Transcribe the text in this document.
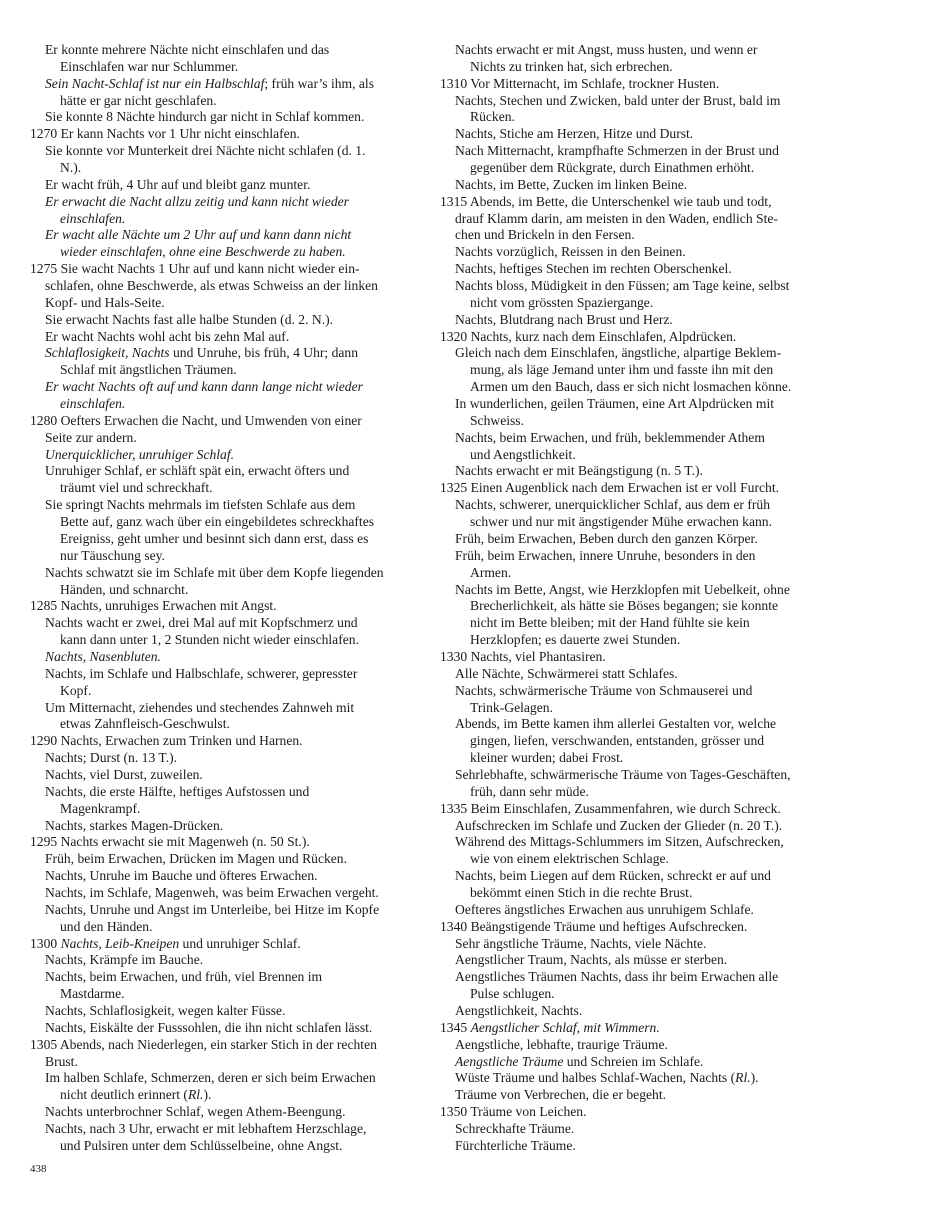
Er konnte mehrere Nächte nicht einschlafen und das
Einschlafen war nur Schlummer.
Sein Nacht-Schlaf ist nur ein Halbschlaf; früh war’s ihm, als
hätte er gar nicht geschlafen.
Sie konnte 8 Nächte hindurch gar nicht in Schlaf kommen.
1270 Er kann Nachts vor 1 Uhr nicht einschlafen.
Sie konnte vor Munterkeit drei Nächte nicht schlafen (d. 1.
N.).
Er wacht früh, 4 Uhr auf und bleibt ganz munter.
Er erwacht die Nacht allzu zeitig und kann nicht wieder
einschlafen.
Er wacht alle Nächte um 2 Uhr auf und kann dann nicht
wieder einschlafen, ohne eine Beschwerde zu haben.
1275 Sie wacht Nachts 1 Uhr auf und kann nicht wieder ein-
schlafen, ohne Beschwerde, als etwas Schweiss an der linken
Kopf- und Hals-Seite.
Sie erwacht Nachts fast alle halbe Stunden (d. 2. N.).
Er wacht Nachts wohl acht bis zehn Mal auf.
Schlaflosigkeit, Nachts und Unruhe, bis früh, 4 Uhr; dann
Schlaf mit ängstlichen Träumen.
Er wacht Nachts oft auf und kann dann lange nicht wieder
einschlafen.
1280 Oefters Erwachen die Nacht, und Umwenden von einer
Seite zur andern.
Unerquicklicher, unruhiger Schlaf.
Unruhiger Schlaf, er schläft spät ein, erwacht öfters und
träumt viel und schreckhaft.
Sie springt Nachts mehrmals im tiefsten Schlafe aus dem
Bette auf, ganz wach über ein eingebildetes schreckhaftes
Ereigniss, geht umher und besinnt sich dann erst, dass es
nur Täuschung sey.
Nachts schwatzt sie im Schlafe mit über dem Kopfe liegenden
Händen, und schnarcht.
1285 Nachts, unruhiges Erwachen mit Angst.
Nachts wacht er zwei, drei Mal auf mit Kopfschmerz und
kann dann unter 1, 2 Stunden nicht wieder einschlafen.
Nachts, Nasenbluten.
Nachts, im Schlafe und Halbschlafe, schwerer, gepresster
Kopf.
Um Mitternacht, ziehendes und stechendes Zahnweh mit
etwas Zahnfleisch-Geschwulst.
1290 Nachts, Erwachen zum Trinken und Harnen.
Nachts; Durst (n. 13 T.).
Nachts, viel Durst, zuweilen.
Nachts, die erste Hälfte, heftiges Aufstossen und
Magenkrampf.
Nachts, starkes Magen-Drücken.
1295 Nachts erwacht sie mit Magenweh (n. 50 St.).
Früh, beim Erwachen, Drücken im Magen und Rücken.
Nachts, Unruhe im Bauche und öfteres Erwachen.
Nachts, im Schlafe, Magenweh, was beim Erwachen vergeht.
Nachts, Unruhe und Angst im Unterleibe, bei Hitze im Kopfe
und den Händen.
1300 Nachts, Leib-Kneipen und unruhiger Schlaf.
Nachts, Krämpfe im Bauche.
Nachts, beim Erwachen, und früh, viel Brennen im
Mastdarme.
Nachts, Schlaflosigkeit, wegen kalter Füsse.
Nachts, Eiskälte der Fusssohlen, die ihn nicht schlafen lässt.
1305 Abends, nach Niederlegen, ein starker Stich in der rechten
Brust.
Im halben Schlafe, Schmerzen, deren er sich beim Erwachen
nicht deutlich erinnert (Rl.).
Nachts unterbrochner Schlaf, wegen Athem-Beengung.
Nachts, nach 3 Uhr, erwacht er mit lebhaftem Herzschlage,
und Pulsiren unter dem Schlüsselbeine, ohne Angst.
Nachts erwacht er mit Angst, muss husten, und wenn er
Nichts zu trinken hat, sich erbrechen.
1310 Vor Mitternacht, im Schlafe, trockner Husten.
Nachts, Stechen und Zwicken, bald unter der Brust, bald im
Rücken.
Nachts, Stiche am Herzen, Hitze und Durst.
Nach Mitternacht, krampfhafte Schmerzen in der Brust und
gegenüber dem Rückgrate, durch Einathmen erhöht.
Nachts, im Bette, Zucken im linken Beine.
1315 Abends, im Bette, die Unterschenkel wie taub und todt,
drauf Klamm darin, am meisten in den Waden, endlich Ste-
chen und Brickeln in den Fersen.
Nachts vorzüglich, Reissen in den Beinen.
Nachts, heftiges Stechen im rechten Oberschenkel.
Nachts bloss, Müdigkeit in den Füssen; am Tage keine, selbst
nicht vom grössten Spaziergange.
Nachts, Blutdrang nach Brust und Herz.
1320 Nachts, kurz nach dem Einschlafen, Alpdrücken.
Gleich nach dem Einschlafen, ängstliche, alpartige Beklem-
mung, als läge Jemand unter ihm und fasste ihn mit den
Armen um den Bauch, dass er sich nicht losmachen könne.
In wunderlichen, geilen Träumen, eine Art Alpdrücken mit
Schweiss.
Nachts, beim Erwachen, und früh, beklemmender Athem
und Aengstlichkeit.
Nachts erwacht er mit Beängstigung (n. 5 T.).
1325 Einen Augenblick nach dem Erwachen ist er voll Furcht.
Nachts, schwerer, unerquicklicher Schlaf, aus dem er früh
schwer und nur mit ängstigender Mühe erwachen kann.
Früh, beim Erwachen, Beben durch den ganzen Körper.
Früh, beim Erwachen, innere Unruhe, besonders in den
Armen.
Nachts im Bette, Angst, wie Herzklopfen mit Uebelkeit, ohne
Brecherlichkeit, als hätte sie Böses begangen; sie konnte
nicht im Bette bleiben; mit der Hand fühlte sie kein
Herzklopfen; es dauerte zwei Stunden.
1330 Nachts, viel Phantasiren.
Alle Nächte, Schwärmerei statt Schlafes.
Nachts, schwärmerische Träume von Schmauserei und
Trink-Gelagen.
Abends, im Bette kamen ihm allerlei Gestalten vor, welche
gingen, liefen, verschwanden, entstanden, grösser und
kleiner wurden; dabei Frost.
Sehrlebhafte, schwärmerische Träume von Tages-Geschäften,
früh, dann sehr müde.
1335 Beim Einschlafen, Zusammenfahren, wie durch Schreck.
Aufschrecken im Schlafe und Zucken der Glieder (n. 20 T.).
Während des Mittags-Schlummers im Sitzen, Aufschrecken,
wie von einem elektrischen Schlage.
Nachts, beim Liegen auf dem Rücken, schreckt er auf und
bekömmt einen Stich in die rechte Brust.
Oefteres ängstliches Erwachen aus unruhigem Schlafe.
1340 Beängstigende Träume und heftiges Aufschrecken.
Sehr ängstliche Träume, Nachts, viele Nächte.
Aengstlicher Traum, Nachts, als müsse er sterben.
Aengstliches Träumen Nachts, dass ihr beim Erwachen alle
Pulse schlugen.
Aengstlichkeit, Nachts.
1345 Aengstlicher Schlaf, mit Wimmern.
Aengstliche, lebhafte, traurige Träume.
Aengstliche Träume und Schreien im Schlafe.
Wüste Träume und halbes Schlaf-Wachen, Nachts (Rl.).
Träume von Verbrechen, die er begeht.
1350 Träume von Leichen.
Schreckhafte Träume.
Fürchterliche Träume.
438
